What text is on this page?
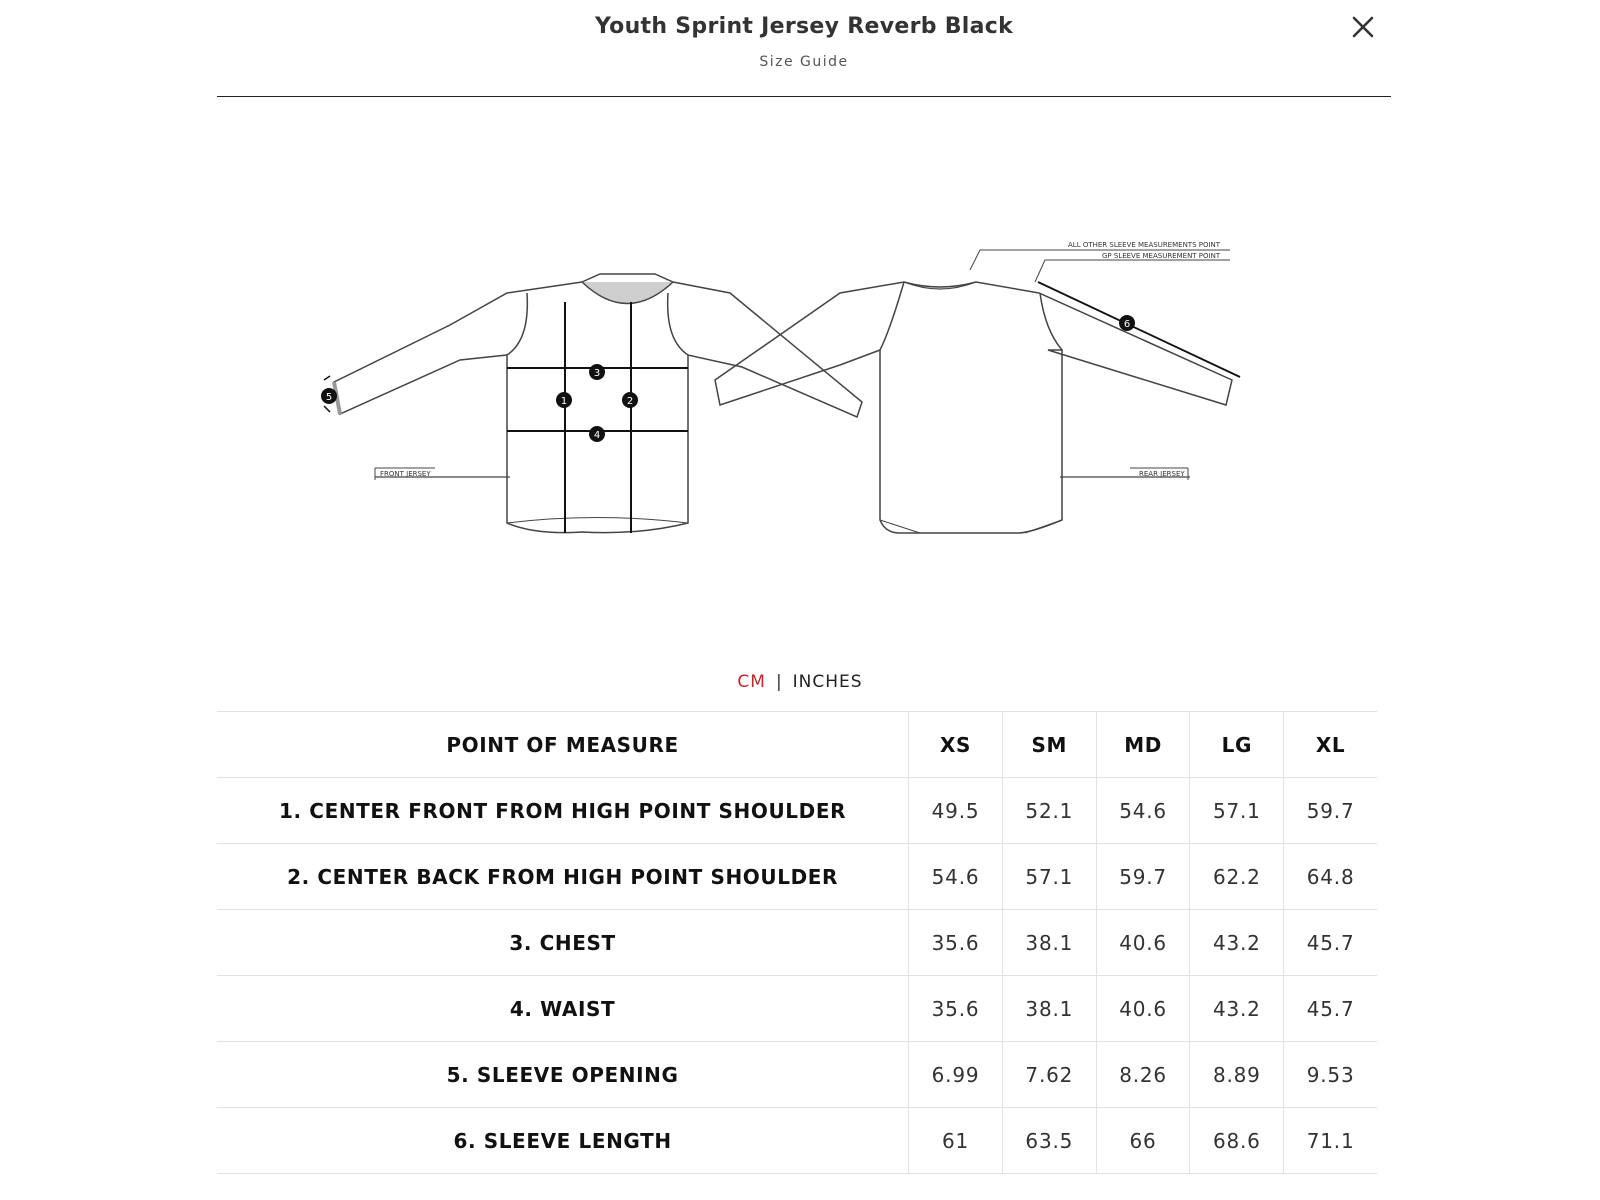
Youth Sprint Jersey Reverb Black
Size Guide
FRONT JERSEY	REAR JERSEY
ALL OTHER SLEEVE MEASUREMENTS POINT
GP SLEEVE MEASUREMENT POINT
1	2
3
4
5
6
CM | INCHES
POINT OF MEASURE	XS	SM	MD	LG	XL
1. CENTER FRONT FROM HIGH POINT SHOULDER	49.5	52.1	54.6	57.1	59.7
2. CENTER BACK FROM HIGH POINT SHOULDER	54.6	57.1	59.7	62.2	64.8
3. CHEST	35.6	38.1	40.6	43.2	45.7
4. WAIST	35.6	38.1	40.6	43.2	45.7
5. SLEEVE OPENING	6.99	7.62	8.26	8.89	9.53
6. SLEEVE LENGTH	61	63.5	66	68.6	71.1
